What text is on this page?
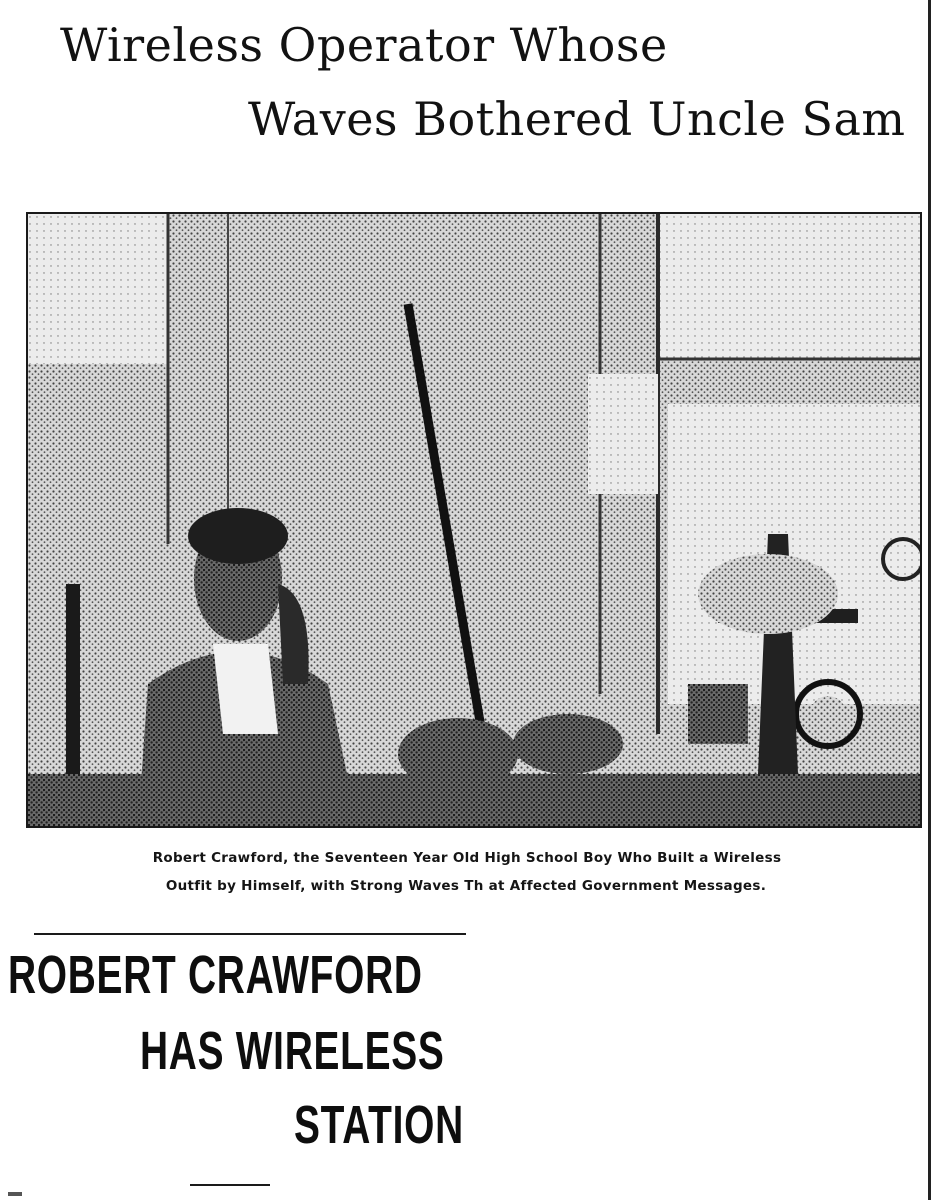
Wireless Operator Whose
Waves Bothered Uncle Sam
Robert Crawford, the Seventeen Year Old High School Boy Who Built a Wireless
Outfit by Himself, with Strong Waves Th at Affected Government Messages.
ROBERT CRAWFORD
HAS WIRELESS
STATION
